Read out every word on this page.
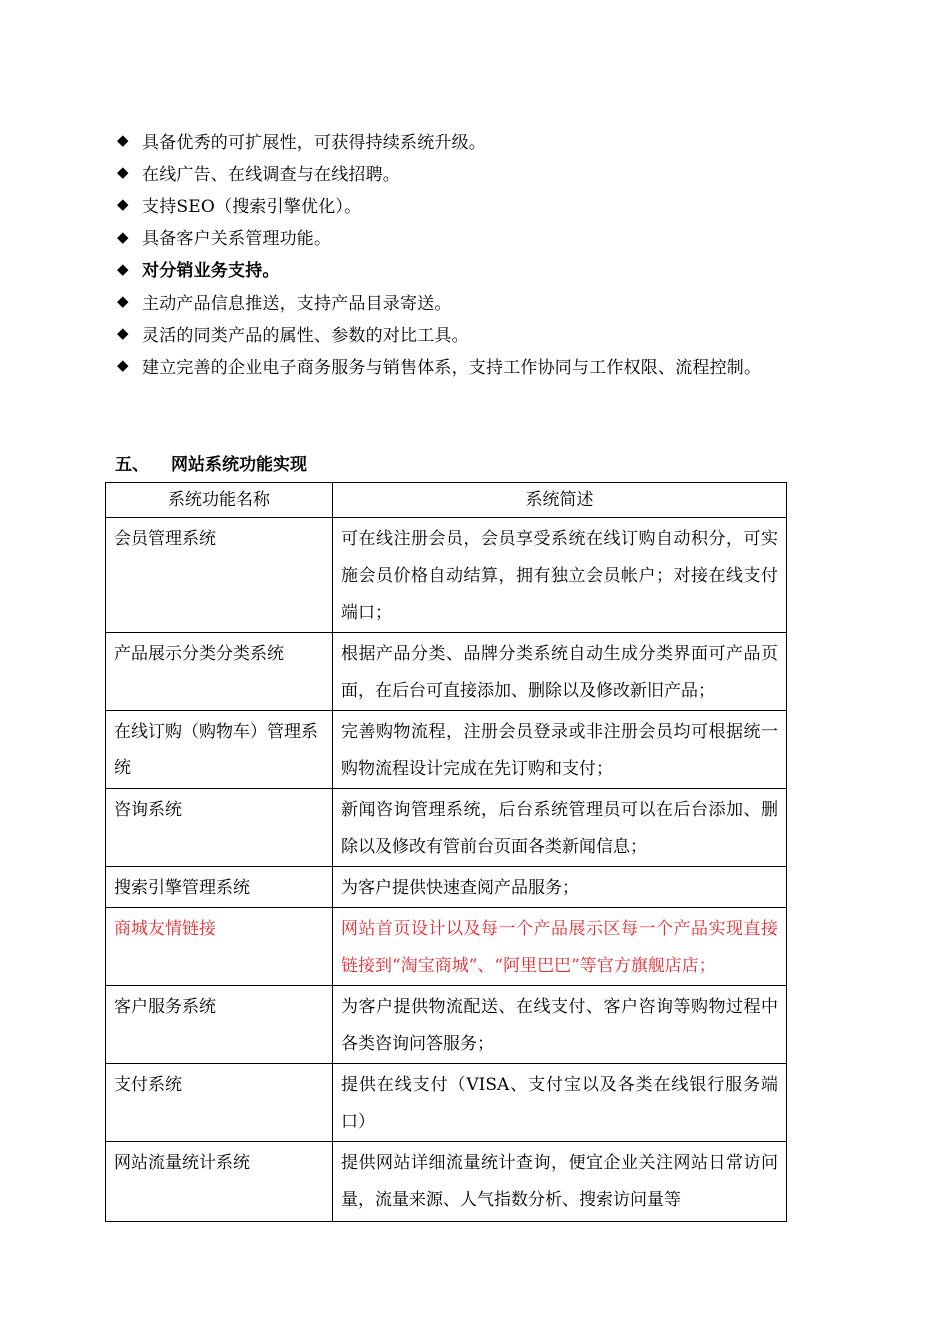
◆ 具备优秀的可扩展性，可获得持续系统升级。
◆ 在线广告、在线调查与在线招聘。
◆ 支持SEO（搜索引擎优化）。
◆ 具备客户关系管理功能。
◆ 对分销业务支持。
◆ 主动产品信息推送，支持产品目录寄送。
◆ 灵活的同类产品的属性、参数的对比工具。
◆ 建立完善的企业电子商务服务与销售体系，支持工作协同与工作权限、流程控制。
五、	网站系统功能实现
系统功能名称	系统简述
会员管理系统	可在线注册会员，会员享受系统在线订购自动积分，可实施会员价格自动结算，拥有独立会员帐户；对接在线支付端口；
产品展示分类分类系统	根据产品分类、品牌分类系统自动生成分类界面可产品页面，在后台可直接添加、删除以及修改新旧产品；
在线订购（购物车）管理系统	完善购物流程，注册会员登录或非注册会员均可根据统一购物流程设计完成在先订购和支付；
咨询系统	新闻咨询管理系统，后台系统管理员可以在后台添加、删除以及修改有管前台页面各类新闻信息；
搜索引擎管理系统	为客户提供快速查阅产品服务；
商城友情链接	网站首页设计以及每一个产品展示区每一个产品实现直接链接到“淘宝商城”、“阿里巴巴”等官方旗舰店店；
客户服务系统	为客户提供物流配送、在线支付、客户咨询等购物过程中各类咨询问答服务；
支付系统	提供在线支付（VISA、支付宝以及各类在线银行服务端口）
网站流量统计系统	提供网站详细流量统计查询，便宜企业关注网站日常访问量，流量来源、人气指数分析、搜索访问量等
